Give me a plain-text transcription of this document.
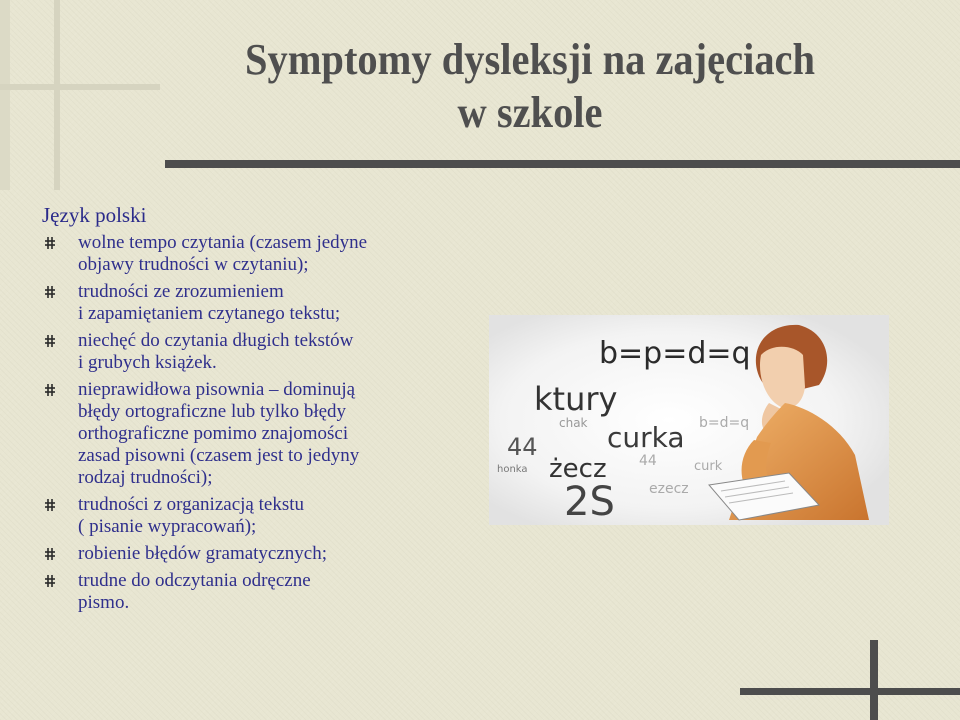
Symptomy dysleksji na zajęciach
w szkole

Język polski

wolne tempo czytania (czasem jedyne
objawy trudności w czytaniu);
trudności ze zrozumieniem
i zapamiętaniem czytanego tekstu;
niechęć do czytania długich tekstów
i grubych książek.
nieprawidłowa pisownia – dominują
błędy ortograficzne lub tylko błędy
orthograficzne pomimo znajomości
zasad pisowni (czasem jest to jedyny
rodzaj trudności);
trudności z organizacją tekstu
( pisanie wypracowań);
robienie błędów gramatycznych;
trudne do odczytania odręczne
pismo.
b=p=d=q
ktury
chak curka b=d=q
44
honka żecz	curk
2S ezecz
44
